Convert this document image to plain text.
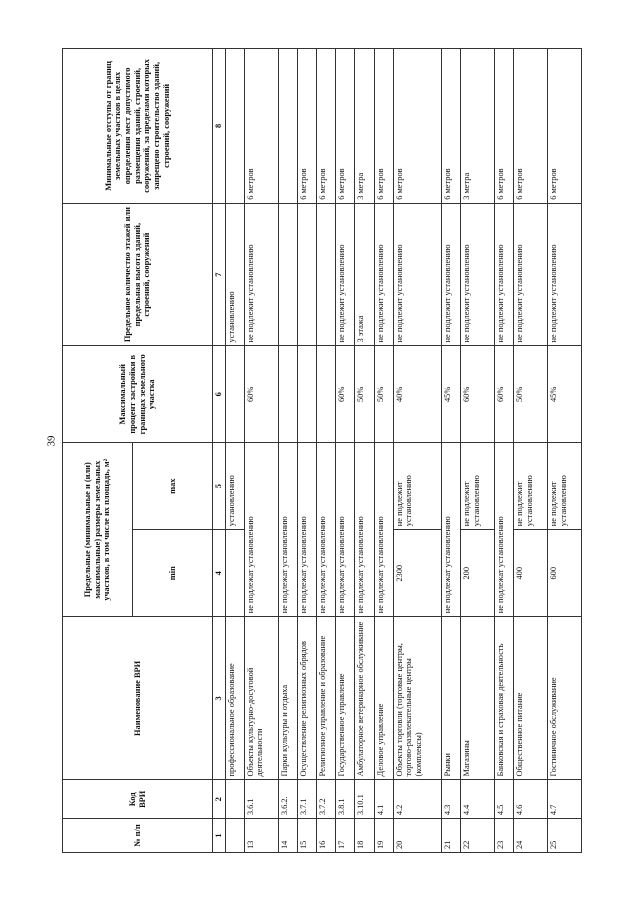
39
№ п/п	Код ВРИ	Наименование ВРИ	Предельные (минимальные и (или) максимальные) размеры земельных участков, в том числе их площадь, м²		Максимальный процент застройки в границах земельного участка	Предельное количество этажей или предельная высота зданий, строений, сооружений	Минимальные отступы от границ земельных участков в целях определения мест допустимого размещения зданий, строений, сооружений, за пределами которых запрещено строительство зданий, строений, сооружений
			min	max			
1	2	3	4	5	6	7	8
		профессиональное образование		установлению		установлению	
13	3.6.1	Объекты культурно-досуговой деятельности	не подлежат установлению		60%	не подлежит установлению	6 метров
14	3.6.2.	Парки культуры и отдыха	не подлежат установлению				
15	3.7.1	Осуществление религиозных обрядов	не подлежат установлению				6 метров
16	3.7.2	Религиозное управление и образование	не подлежат установлению				6 метров
17	3.8.1	Государственное управление	не подлежат установлению		60%	не подлежит установлению	6 метров
18	3.10.1	Амбулаторное ветеринарное обслуживание	не подлежат установлению		50%	3 этажа	3 метра
19	4.1	Деловое управление	не подлежат установлению		50%	не подлежит установлению	6 метров
20	4.2	Объекты торговли (торговые центры, торгово-развлекательные центры (комплексы)	2300	не подлежит установлению	40%	не подлежит установлению	6 метров
21	4.3	Рынки	не подлежат установлению		45%	не подлежит установлению	6 метров
22	4.4	Магазины	200	не подлежит установлению	60%	не подлежит установлению	3 метра
23	4.5	Банковская и страховая деятельность	не подлежат установлению		60%	не подлежит установлению	6 метров
24	4.6	Общественное питание	400	не подлежит установлению	50%	не подлежит установлению	6 метров
25	4.7	Гостиничное обслуживание	600	не подлежит установлению	45%	не подлежит установлению	6 метров
